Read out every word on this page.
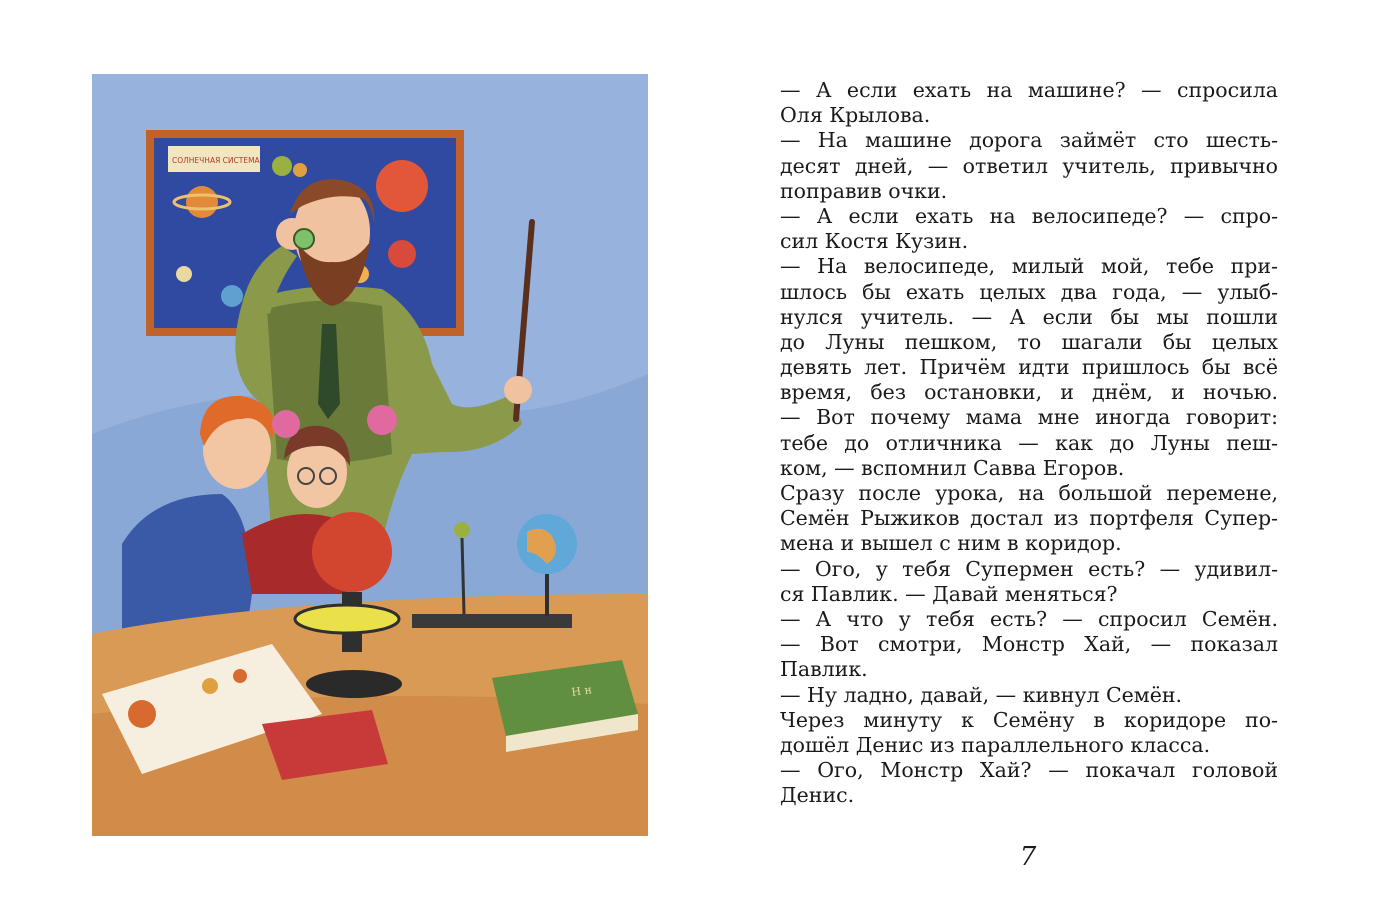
СОЛНЕЧНАЯ СИСТЕМА
Н н
— А если ехать на машине? — спросила
Оля Крылова.
— На машине дорога займёт сто шесть-
десят дней, — ответил учитель, привычно
поправив очки.
— А если ехать на велосипеде? — спро-
сил Костя Кузин.
— На велосипеде, милый мой, тебе при-
шлось бы ехать целых два года, — улыб-
нулся учитель. — А если бы мы пошли
до Луны пешком, то шагали бы целых
девять лет. Причём идти пришлось бы всё
время, без остановки, и днём, и ночью.
— Вот почему мама мне иногда говорит:
тебе до отличника — как до Луны пеш-
ком, — вспомнил Савва Егоров.
Сразу после урока, на большой перемене,
Семён Рыжиков достал из портфеля Супер-
мена и вышел с ним в коридор.
— Ого, у тебя Супермен есть? — удивил-
ся Павлик. — Давай меняться?
— А что у тебя есть? — спросил Семён.
— Вот смотри, Монстр Хай, — показал
Павлик.
— Ну ладно, давай, — кивнул Семён.
Через минуту к Семёну в коридоре по-
дошёл Денис из параллельного класса.
— Ого, Монстр Хай? — покачал головой
Денис.
7
